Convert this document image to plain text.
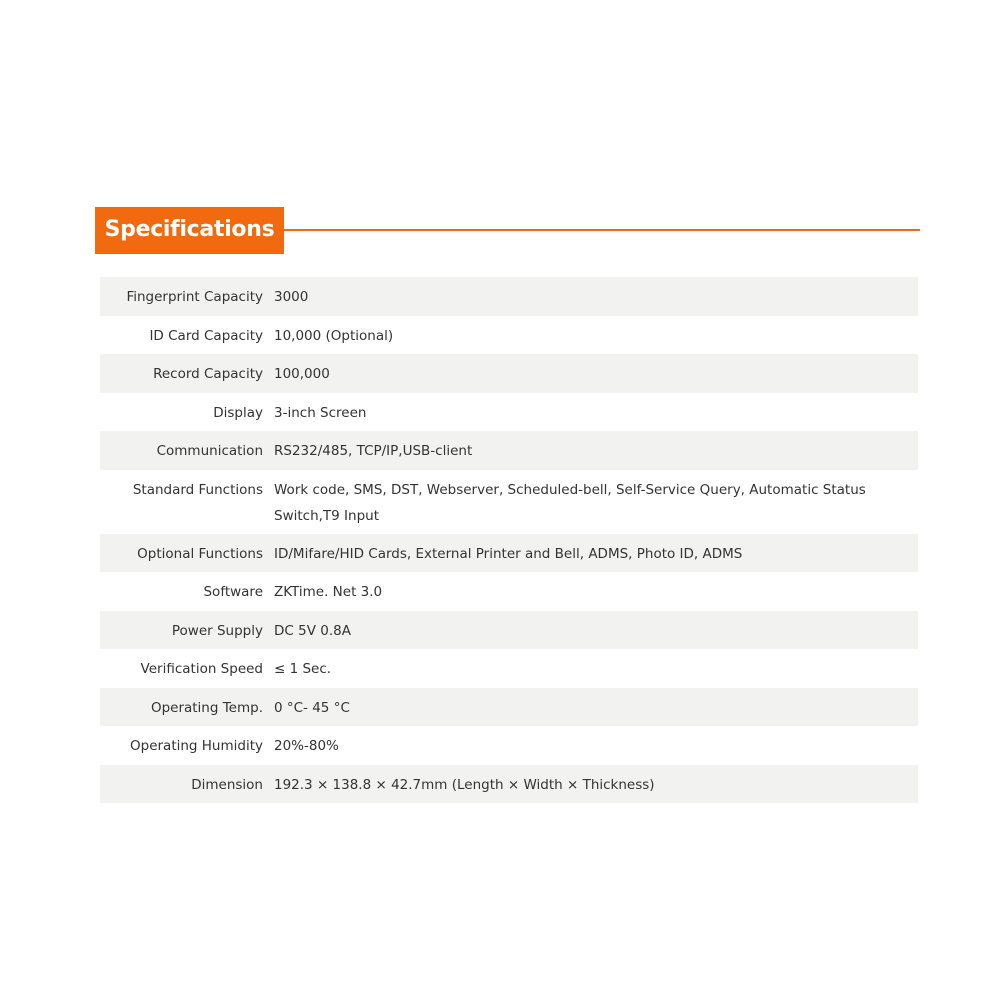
Specifications
Fingerprint Capacity 3000
ID Card Capacity 10,000 (Optional)
Record Capacity 100,000
Display 3-inch Screen
Communication RS232/485, TCP/IP,USB-client
Standard Functions Work code, SMS, DST, Webserver, Scheduled-bell, Self-Service Query, Automatic Status Switch,T9 Input
Optional Functions ID/Mifare/HID Cards, External Printer and Bell, ADMS, Photo ID, ADMS
Software ZKTime. Net 3.0
Power Supply DC 5V 0.8A
Verification Speed ≤ 1 Sec.
Operating Temp. 0 °C- 45 °C
Operating Humidity 20%-80%
Dimension 192.3 × 138.8 × 42.7mm (Length × Width × Thickness)
